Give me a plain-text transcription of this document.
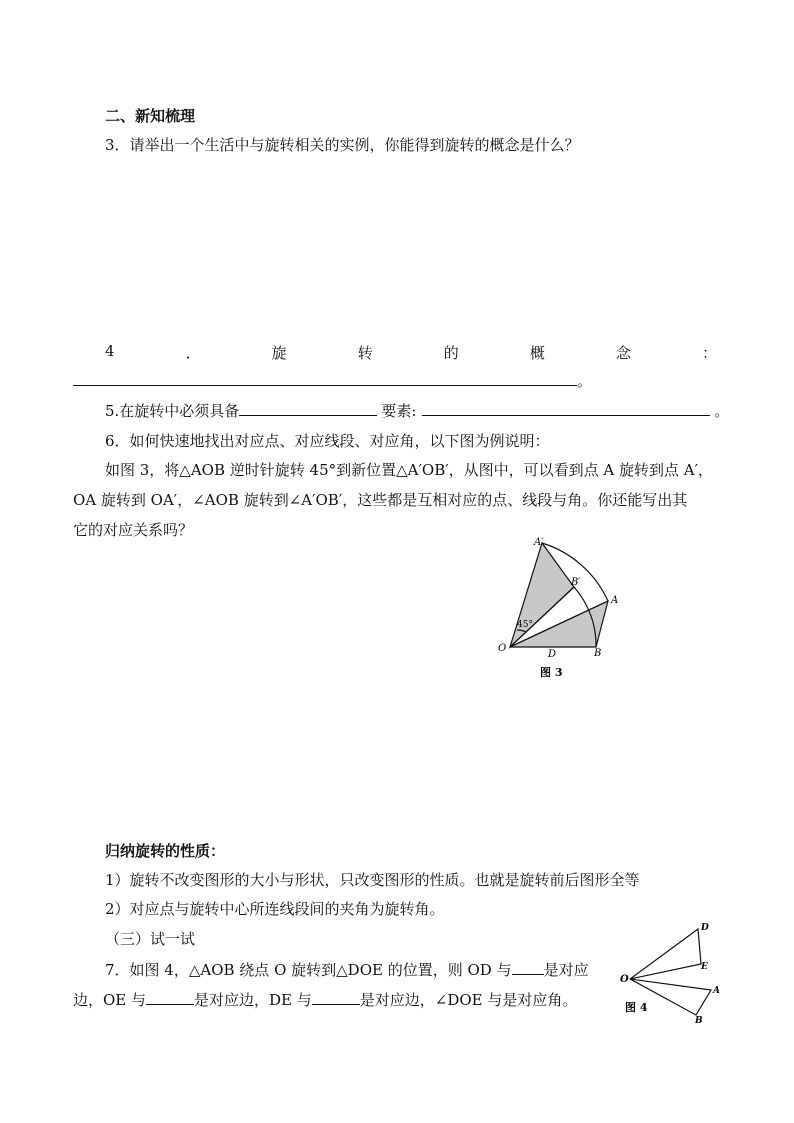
二、新知梳理
3．请举出一个生活中与旋转相关的实例，你能得到旋转的概念是什么？
4	．	旋	转	的	概	念	：
。
5.在旋转中必须具备	要素:	。
6．如何快速地找出对应点、对应线段、对应角，以下图为例说明：
如图 3，将△AOB 逆时针旋转 45°到新位置△A′OB′，从图中，可以看到点 A 旋转到点 A′，
OA 旋转到 OA′，∠AOB 旋转到∠A′OB′，这些都是互相对应的点、线段与角。你还能写出其
它的对应关系吗？
A′
B′
A
O	B
D
45°
图 3
归纳旋转的性质：
1）旋转不改变图形的大小与形状，只改变图形的性质。也就是旋转前后图形全等
2）对应点与旋转中心所连线段间的夹角为旋转角。
（三）试一试
7．如图 4，△AOB 绕点 O 旋转到△DOE 的位置，则 OD 与 是对应
边，OE 与	是对应边，DE 与	是对应边，∠DOE 与是对应角。
D
E
O
A
B
图 4
